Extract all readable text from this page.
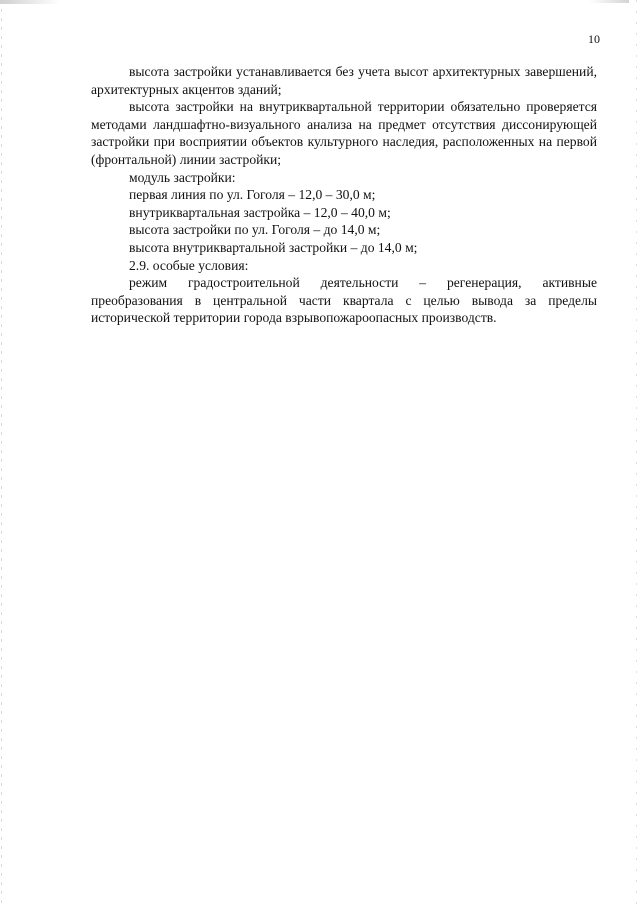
10

высота застройки устанавливается без учета высот архитектурных завершений, архитектурных акцентов зданий;

высота застройки на внутриквартальной территории обязательно проверяется методами ландшафтно-визуального анализа на предмет отсутствия диссонирующей застройки при восприятии объектов культурного наследия, расположенных на первой (фронтальной) линии застройки;

модуль застройки:

первая линия по ул. Гоголя – 12,0 – 30,0 м;

внутриквартальная застройка – 12,0 – 40,0 м;

высота застройки по ул. Гоголя – до 14,0 м;

высота внутриквартальной застройки – до 14,0 м;

2.9. особые условия:

режим градостроительной деятельности – регенерация, активные преобразования в центральной части квартала с целью вывода за пределы исторической территории города взрывопожароопасных производств.
